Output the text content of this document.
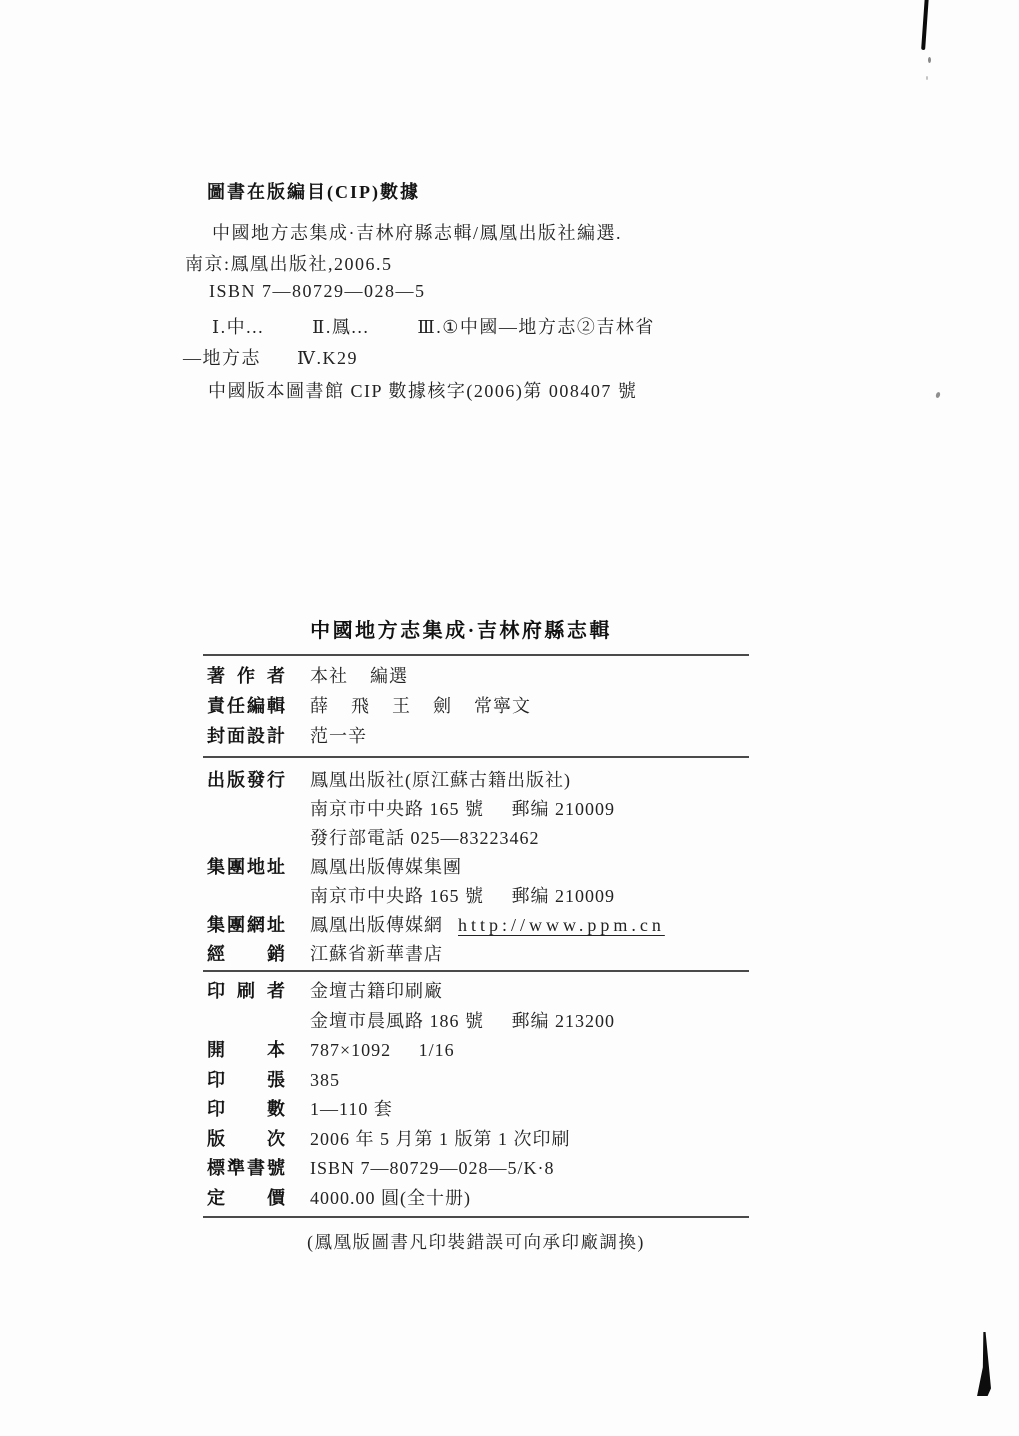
圖書在版編目(CIP)數據
中國地方志集成·吉林府縣志輯/鳳凰出版社編選.
南京:鳳凰出版社,2006.5
ISBN 7—80729—028—5
Ⅰ.中...        Ⅱ.鳳...        Ⅲ.①中國—地方志②吉林省
—地方志      Ⅳ.K29
中國版本圖書館 CIP 數據核字(2006)第 008407 號
中國地方志集成·吉林府縣志輯
著作者 本社    編選
責任編輯 薛    飛    王    劍    常寧文
封面設計 范一辛
出版發行 鳳凰出版社(原江蘇古籍出版社)
南京市中央路 165 號     郵编 210009
發行部電話 025—83223462
集團地址 鳳凰出版傳媒集團
南京市中央路 165 號     郵编 210009
集團網址 鳳凰出版傳媒網 http://www.ppm.cn
經銷 江蘇省新華書店
印刷者 金壇古籍印刷廠
金壇市晨風路 186 號     郵编 213200
開本 787×1092     1/16
印張 385
印數 1—110 套
版次 2006 年 5 月第 1 版第 1 次印刷
標準書號 ISBN 7—80729—028—5/K·8
定價 4000.00 圓(全十册)
(鳳凰版圖書凡印裝錯誤可向承印廠調換)
